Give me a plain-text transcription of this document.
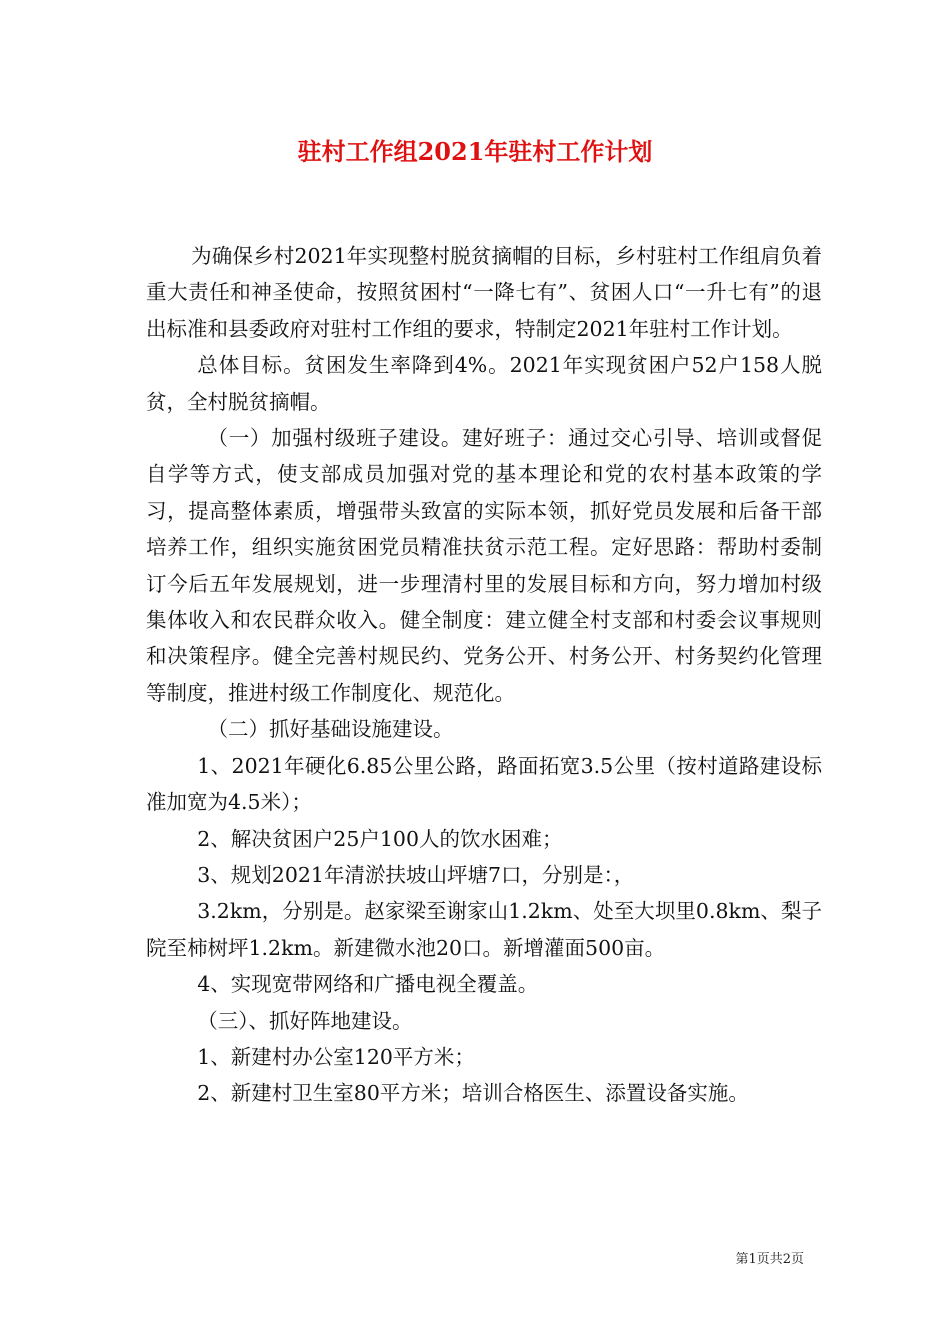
驻村工作组2021年驻村工作计划

为确保乡村2021年实现整村脱贫摘帽的目标，乡村驻村工作组肩负着重大责任和神圣使命，按照贫困村“一降七有”、贫困人口“一升七有”的退出标准和县委政府对驻村工作组的要求，特制定2021年驻村工作计划。

总体目标。贫困发生率降到4%。2021年实现贫困户52户158人脱贫，全村脱贫摘帽。

（一）加强村级班子建设。建好班子：通过交心引导、培训或督促自学等方式，使支部成员加强对党的基本理论和党的农村基本政策的学习，提高整体素质，增强带头致富的实际本领，抓好党员发展和后备干部培养工作，组织实施贫困党员精准扶贫示范工程。定好思路：帮助村委制订今后五年发展规划，进一步理清村里的发展目标和方向，努力增加村级集体收入和农民群众收入。健全制度：建立健全村支部和村委会议事规则和决策程序。健全完善村规民约、党务公开、村务公开、村务契约化管理等制度，推进村级工作制度化、规范化。

（二）抓好基础设施建设。

1、2021年硬化6.85公里公路，路面拓宽3.5公里（按村道路建设标准加宽为4.5米）；

2、解决贫困户25户100人的饮水困难；

3、规划2021年清淤扶坡山坪塘7口，分别是：，

3.2km，分别是。赵家梁至谢家山1.2km、处至大坝里0.8km、梨子院至柿树坪1.2km。新建微水池20口。新增灌面500亩。

4、实现宽带网络和广播电视全覆盖。

（三）、抓好阵地建设。

1、新建村办公室120平方米；

2、新建村卫生室80平方米；培训合格医生、添置设备实施。

第1页共2页
